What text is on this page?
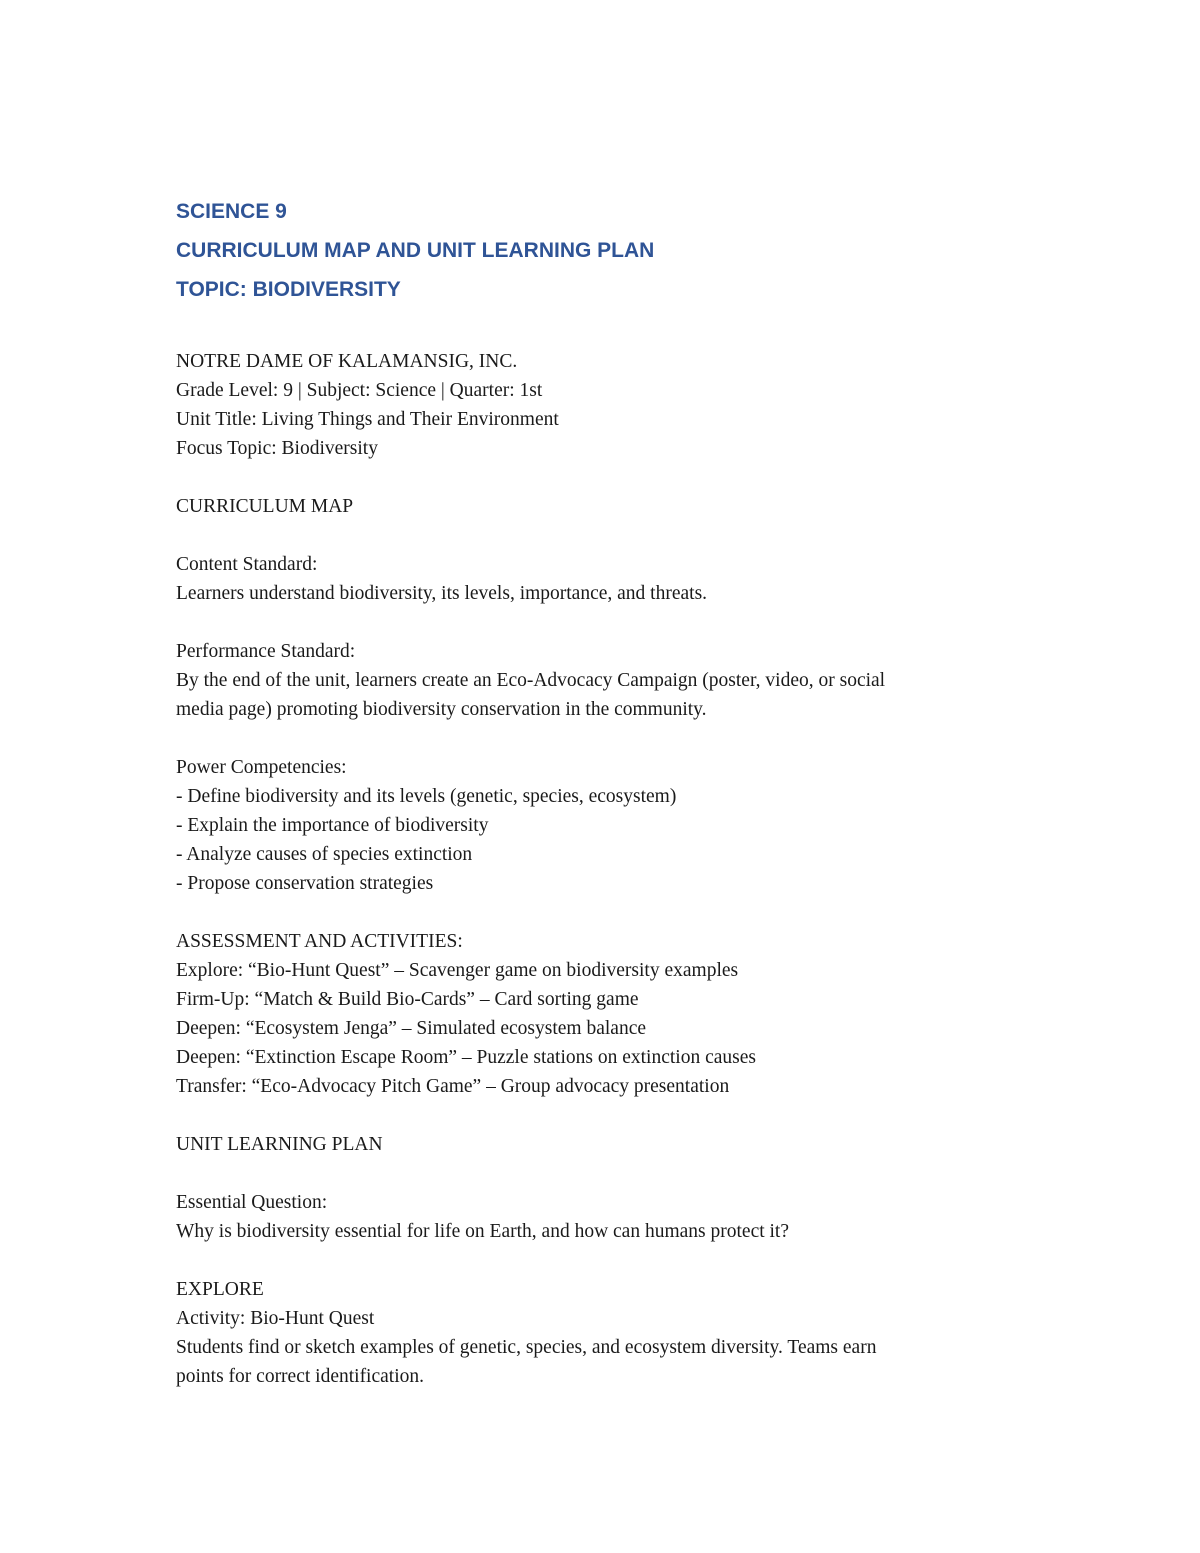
SCIENCE 9

CURRICULUM MAP AND UNIT LEARNING PLAN

TOPIC: BIODIVERSITY

NOTRE DAME OF KALAMANSIG, INC.

Grade Level: 9 | Subject: Science | Quarter: 1st

Unit Title: Living Things and Their Environment

Focus Topic: Biodiversity

CURRICULUM MAP

Content Standard:

Learners understand biodiversity, its levels, importance, and threats.

Performance Standard:

By the end of the unit, learners create an Eco-Advocacy Campaign (poster, video, or social

media page) promoting biodiversity conservation in the community.

Power Competencies:

- Define biodiversity and its levels (genetic, species, ecosystem)

- Explain the importance of biodiversity

- Analyze causes of species extinction

- Propose conservation strategies

ASSESSMENT AND ACTIVITIES:

Explore: “Bio-Hunt Quest” – Scavenger game on biodiversity examples

Firm-Up: “Match & Build Bio-Cards” – Card sorting game

Deepen: “Ecosystem Jenga” – Simulated ecosystem balance

Deepen: “Extinction Escape Room” – Puzzle stations on extinction causes

Transfer: “Eco-Advocacy Pitch Game” – Group advocacy presentation

UNIT LEARNING PLAN

Essential Question:

Why is biodiversity essential for life on Earth, and how can humans protect it?

EXPLORE

Activity: Bio-Hunt Quest

Students find or sketch examples of genetic, species, and ecosystem diversity. Teams earn

points for correct identification.
